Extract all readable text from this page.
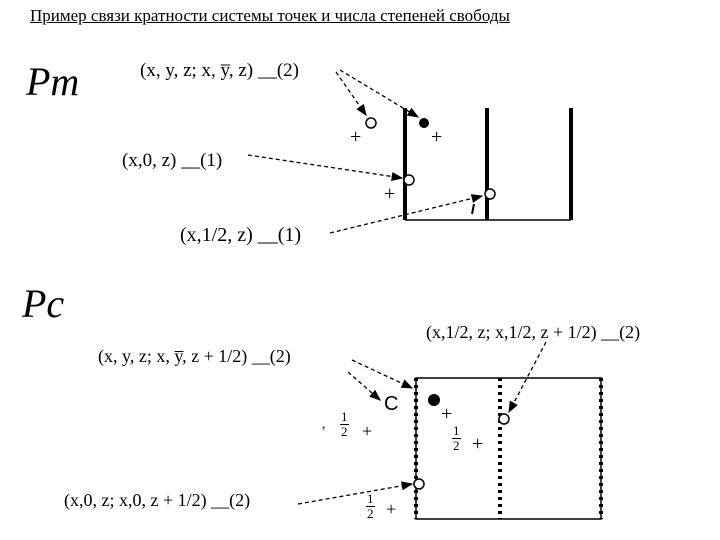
Пример связи кратности системы точек и числа степеней свободы
Pm
Pc
(x, y, z; x, y̅, z) __(2)
(x,0, z) __(1)
(x,1/2, z) __(1)
(x,1/2, z; x,1/2, z + 1/2) __(2)
(x, y, z; x, y̅, z + 1/2) __(2)
(x,0, z; x,0, z + 1/2) __(2)
+	+
+
C +
+
, $\frac{1}{2}$ +	$\frac{1}{2}$
$\frac{1}{2}$ +
